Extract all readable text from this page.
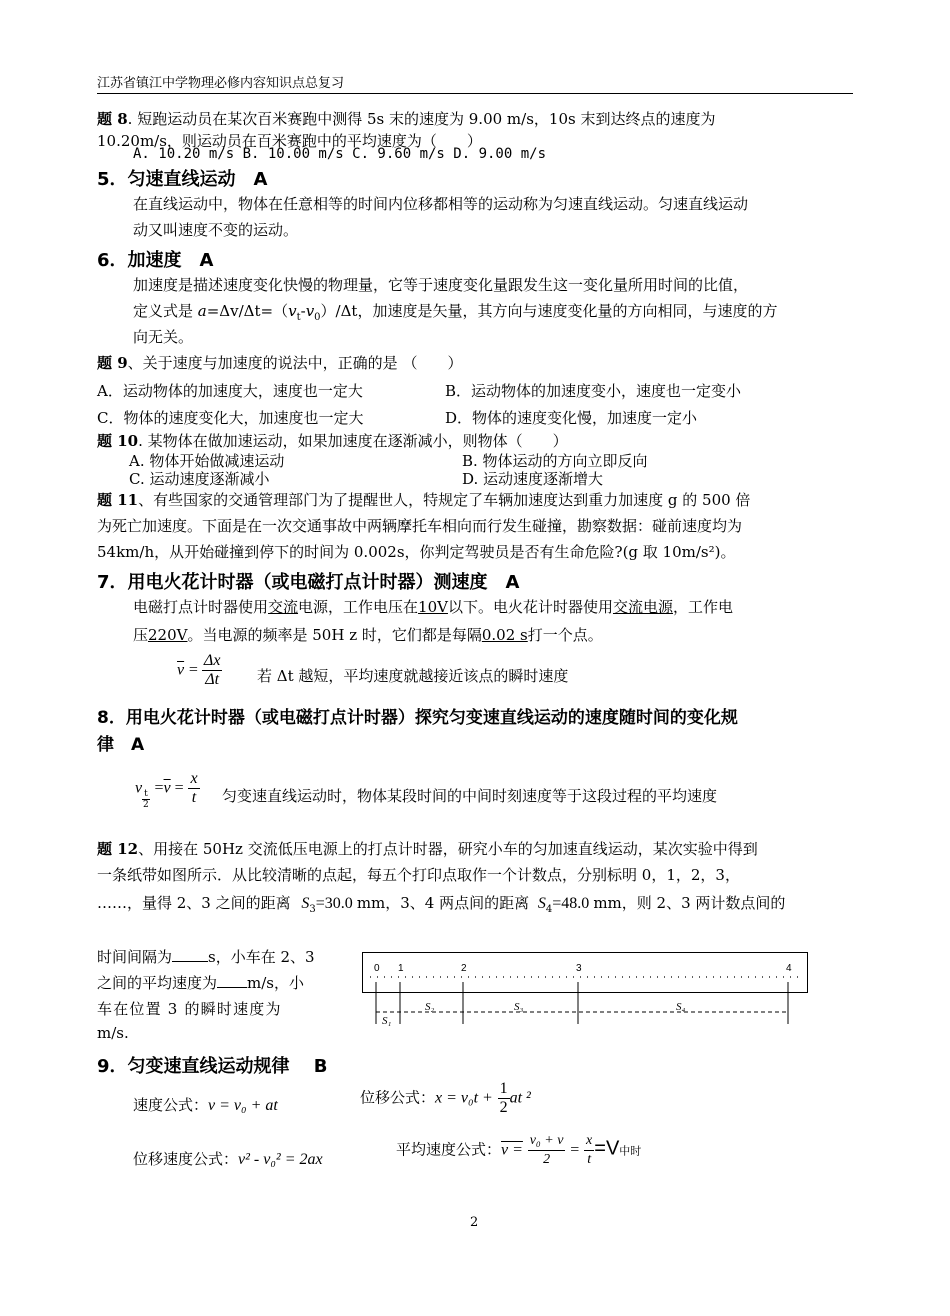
江苏省镇江中学物理必修内容知识点总复习
题 8. 短跑运动员在某次百米赛跑中测得 5s 末的速度为 9.00 m/s，10s 末到达终点的速度为
10.20m/s，则运动员在百米赛跑中的平均速度为（　　）
A. 10.20 m/s B. 10.00 m/s C. 9.60 m/s D. 9.00 m/s
5．匀速直线运动　A
在直线运动中，物体在任意相等的时间内位移都相等的运动称为匀速直线运动。匀速直线运动
动又叫速度不变的运动。
6．加速度　A
加速度是描述速度变化快慢的物理量，它等于速度变化量跟发生这一变化量所用时间的比值，
定义式是 $a=\Delta v/\Delta t=(v_t-v_0)/\Delta t$，加速度是矢量，其方向与速度变化量的方向相同，与速度的方
向无关。
题 9、关于速度与加速度的说法中，正确的是 （　　）
A．运动物体的加速度大，速度也一定大	B．运动物体的加速度变小，速度也一定变小
C．物体的速度变化大，加速度也一定大	D．物体的速度变化慢，加速度一定小
题 10. 某物体在做加速运动，如果加速度在逐渐减小，则物体（　　）
A. 物体开始做减速运动	B. 物体运动的方向立即反向
C. 运动速度逐渐减小	D. 运动速度逐渐增大
题 11、有些国家的交通管理部门为了提醒世人，特规定了车辆加速度达到重力加速度 g 的 500 倍
为死亡加速度。下面是在一次交通事故中两辆摩托车相向而行发生碰撞，勘察数据：碰前速度均为
54km/h，从开始碰撞到停下的时间为 0.002s，你判定驾驶员是否有生命危险?(g 取 10m/s²)。
7．用电火花计时器（或电磁打点计时器）测速度　A
电磁打点计时器使用交流电源，工作电压在10V以下。电火花计时器使用交流电源，工作电
压220V。当电源的频率是 50H z 时，它们都是每隔0.02 s打一个点。
$\overline{v} = \frac{\Delta x}{\Delta t}$ 若 Δt 越短，平均速度就越接近该点的瞬时速度
8．用电火花计时器（或电磁打点计时器）探究匀变速直线运动的速度随时间的变化规
律　A
v
$\frac{t}{2}$
$=\overline{v} = \frac{x}{t}$ 匀变速直线运动时，物体某段时间的中间时刻速度等于这段过程的平均速度
题 12、用接在 50Hz 交流低压电源上的打点计时器，研究小车的匀加速直线运动，某次实验中得到
一条纸带如图所示．从比较清晰的点起，每五个打印点取作一个计数点，分别标明 0，1，2，3，
……，量得 2、3 之间的距离 $S_3=30.0$ mm，3、4 两点间的距离 $S_4=48.0$ mm，则 2、3 两计数点间的
时间间隔为 s，小车在 2、3
之间的平均速度为 m/s，小
车在位置 3 的瞬时速度为
m/s.
0 1	2	3	4
S₁
S₂	S₃	S₄
9．匀变速直线运动规律　 B
速度公式：v = v₀ + at	位移公式：$x = v_0t + \frac{1}{2}$ at ²
位移速度公式：v² - v₀² = 2ax
平均速度公式：$v = \frac{\text{v₀ + v}}{2} = \frac{x}{t} =V$中时
2
